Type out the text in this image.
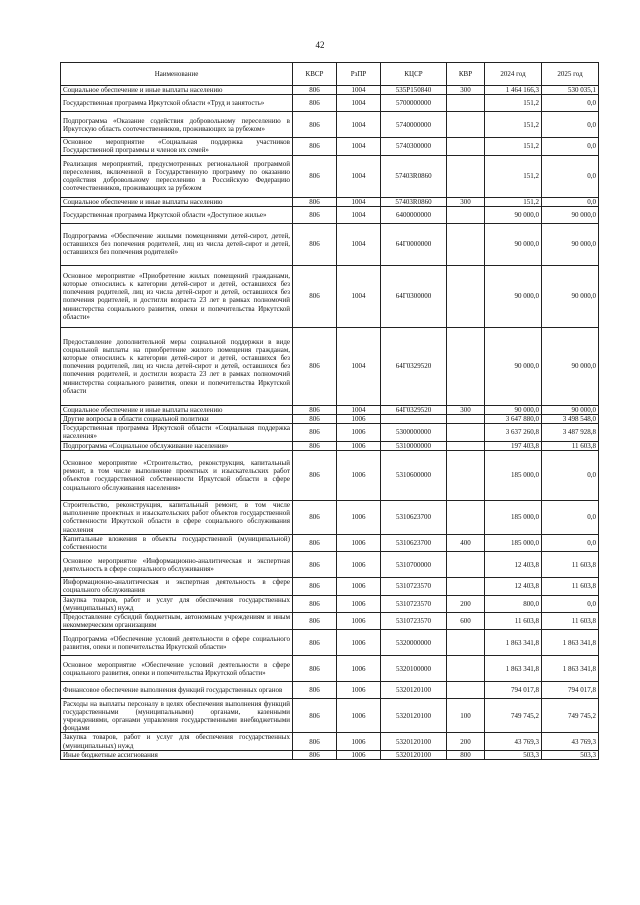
42
Наименование	КВСР	РзПР	КЦСР	КВР	2024 год	2025 год
Социальное обеспечение и иные выплаты населению	806	1004	535Р150840	300	1 464 166,3	530 035,1
Государственная программа Иркутской области «Труд и занятость»	806	1004	5700000000		151,2	0,0
Подпрограмма «Оказание содействия добровольному переселению в Иркутскую область соотечественников, проживающих за рубежом»	806	1004	5740000000		151,2	0,0
Основное мероприятие «Социальная поддержка участников Государственной программы и членов их семей»	806	1004	5740300000		151,2	0,0
Реализация мероприятий, предусмотренных региональной программой переселения, включенной в Государственную программу по оказанию содействия добровольному переселению в Российскую Федерацию соотечественников, проживающих за рубежом	806	1004	57403R0860		151,2	0,0
Социальное обеспечение и иные выплаты населению	806	1004	57403R0860	300	151,2	0,0
Государственная программа Иркутской области «Доступное жилье»	806	1004	6400000000		90 000,0	90 000,0
Подпрограмма «Обеспечение жилыми помещениями детей-сирот, детей, оставшихся без попечения родителей, лиц из числа детей-сирот и детей, оставшихся без попечения родителей»	806	1004	64Г0000000		90 000,0	90 000,0
Основное мероприятие «Приобретение жилых помещений гражданами, которые относились к категории детей-сирот и детей, оставшихся без попечения родителей, лиц из числа детей-сирот и детей, оставшихся без попечения родителей, и достигли возраста 23 лет в рамках полномочий министерства социального развития, опеки и попечительства Иркутской области»	806	1004	64Г0300000		90 000,0	90 000,0
Предоставление дополнительной меры социальной поддержки в виде социальной выплаты на приобретение жилого помещения гражданам, которые относились к категории детей-сирот и детей, оставшихся без попечения родителей, лиц из числа детей-сирот и детей, оставшихся без попечения родителей, и достигли возраста 23 лет в рамках полномочий министерства социального развития, опеки и попечительства Иркутской области	806	1004	64Г0329520		90 000,0	90 000,0
Социальное обеспечение и иные выплаты населению	806	1004	64Г0329520	300	90 000,0	90 000,0
Другие вопросы в области социальной политики	806	1006			3 647 880,0	3 498 548,0
Государственная программа Иркутской области «Социальная поддержка населения»	806	1006	5300000000		3 637 260,8	3 487 928,8
Подпрограмма «Социальное обслуживание населения»	806	1006	5310000000		197 403,8	11 603,8
Основное мероприятие «Строительство, реконструкция, капитальный ремонт, в том числе выполнение проектных и изыскательских работ объектов государственной собственности Иркутской области в сфере социального обслуживания населения»	806	1006	5310600000		185 000,0	0,0
Строительство, реконструкция, капитальный ремонт, в том числе выполнение проектных и изыскательских работ объектов государственной собственности Иркутской области в сфере социального обслуживания населения	806	1006	5310623700		185 000,0	0,0
Капитальные вложения в объекты государственной (муниципальной) собственности	806	1006	5310623700	400	185 000,0	0,0
Основное мероприятие «Информационно-аналитическая и экспертная деятельность в сфере социального обслуживания»	806	1006	5310700000		12 403,8	11 603,8
Информационно-аналитическая и экспертная деятельность в сфере социального обслуживания	806	1006	5310723570		12 403,8	11 603,8
Закупка товаров, работ и услуг для обеспечения государственных (муниципальных) нужд	806	1006	5310723570	200	800,0	0,0
Предоставление субсидий бюджетным, автономным учреждениям и иным некоммерческим организациям	806	1006	5310723570	600	11 603,8	11 603,8
Подпрограмма «Обеспечение условий деятельности в сфере социального развития, опеки и попечительства Иркутской области»	806	1006	5320000000		1 863 341,8	1 863 341,8
Основное мероприятие «Обеспечение условий деятельности в сфере социального развития, опеки и попечительства Иркутской области»	806	1006	5320100000		1 863 341,8	1 863 341,8
Финансовое обеспечение выполнения функций государственных органов	806	1006	5320120100		794 017,8	794 017,8
Расходы на выплаты персоналу в целях обеспечения выполнения функций государственными (муниципальными) органами, казенными учреждениями, органами управления государственными внебюджетными фондами	806	1006	5320120100	100	749 745,2	749 745,2
Закупка товаров, работ и услуг для обеспечения государственных (муниципальных) нужд	806	1006	5320120100	200	43 769,3	43 769,3
Иные бюджетные ассигнования	806	1006	5320120100	800	503,3	503,3
